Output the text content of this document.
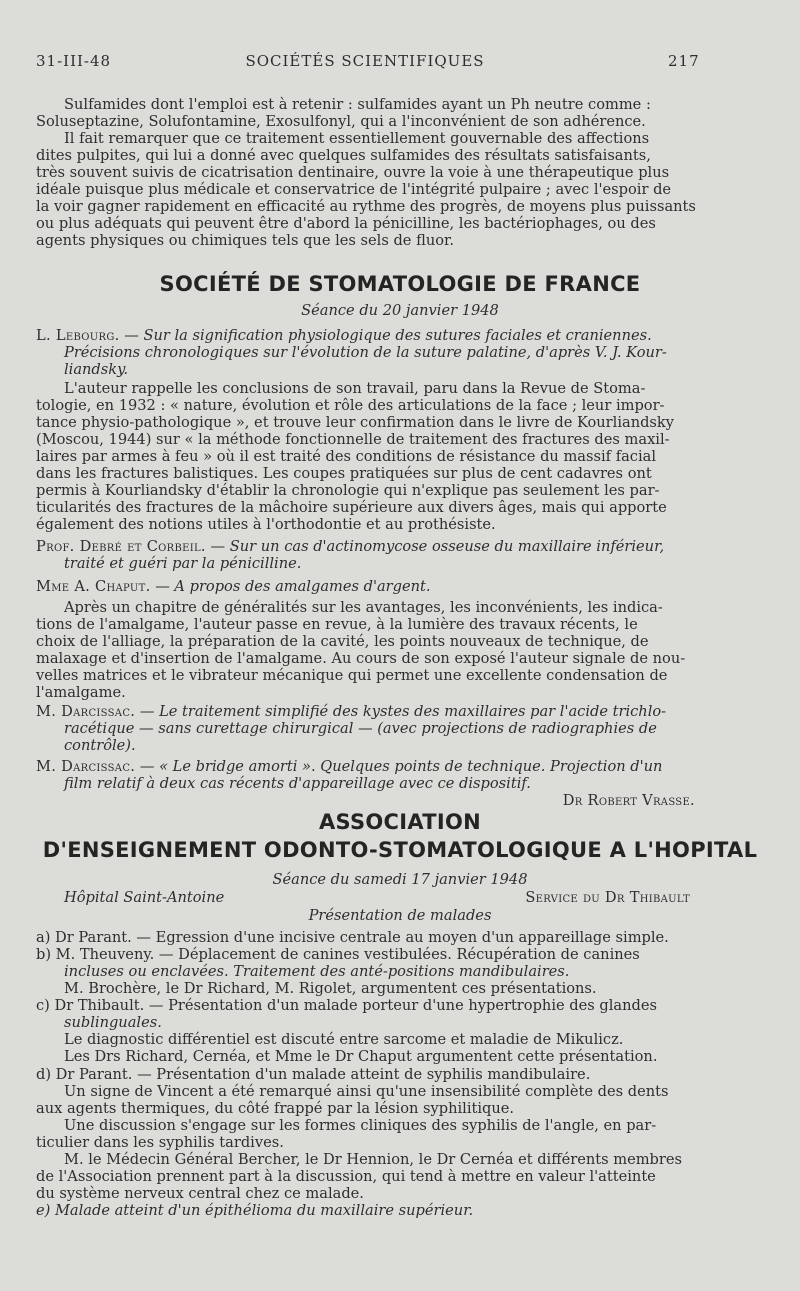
31-III-48	SOCIÉTÉS SCIENTIFIQUES	217
Sulfamides dont l'emploi est à retenir : sulfamides ayant un Ph neutre comme :
Soluseptazine, Solufontamine, Exosulfonyl, qui a l'inconvénient de son adhérence.
Il fait remarquer que ce traitement essentiellement gouvernable des affections
dites pulpites, qui lui a donné avec quelques sulfamides des résultats satisfaisants,
très souvent suivis de cicatrisation dentinaire, ouvre la voie à une thérapeutique plus
idéale puisque plus médicale et conservatrice de l'intégrité pulpaire ; avec l'espoir de
la voir gagner rapidement en efficacité au rythme des progrès, de moyens plus puissants
ou plus adéquats qui peuvent être d'abord la pénicilline, les bactériophages, ou des
agents physiques ou chimiques tels que les sels de fluor.
SOCIÉTÉ DE STOMATOLOGIE DE FRANCE
Séance du 20 janvier 1948
L. Lebourg. — Sur la signification physiologique des sutures faciales et craniennes.
Précisions chronologiques sur l'évolution de la suture palatine, d'après V. J. Kour-
liandsky.
L'auteur rappelle les conclusions de son travail, paru dans la Revue de Stoma-
tologie, en 1932 : « nature, évolution et rôle des articulations de la face ; leur impor-
tance physio-pathologique », et trouve leur confirmation dans le livre de Kourliandsky
(Moscou, 1944) sur « la méthode fonctionnelle de traitement des fractures des maxil-
laires par armes à feu » où il est traité des conditions de résistance du massif facial
dans les fractures balistiques. Les coupes pratiquées sur plus de cent cadavres ont
permis à Kourliandsky d'établir la chronologie qui n'explique pas seulement les par-
ticularités des fractures de la mâchoire supérieure aux divers âges, mais qui apporte
également des notions utiles à l'orthodontie et au prothésiste.
Prof. Debré et Corbeil. — Sur un cas d'actinomycose osseuse du maxillaire inférieur,
traité et guéri par la pénicilline.
Mme A. Chaput. — A propos des amalgames d'argent.
Après un chapitre de généralités sur les avantages, les inconvénients, les indica-
tions de l'amalgame, l'auteur passe en revue, à la lumière des travaux récents, le
choix de l'alliage, la préparation de la cavité, les points nouveaux de technique, de
malaxage et d'insertion de l'amalgame. Au cours de son exposé l'auteur signale de nou-
velles matrices et le vibrateur mécanique qui permet une excellente condensation de
l'amalgame.
M. Darcissac. — Le traitement simplifié des kystes des maxillaires par l'acide trichlo-
racétique — sans curettage chirurgical — (avec projections de radiographies de
contrôle).
M. Darcissac. — « Le bridge amorti ». Quelques points de technique. Projection d'un
film relatif à deux cas récents d'appareillage avec ce dispositif.
Dr Robert Vrasse.
ASSOCIATION
D'ENSEIGNEMENT ODONTO-STOMATOLOGIQUE A L'HOPITAL
Séance du samedi 17 janvier 1948
Hôpital Saint-Antoine	Service du Dr Thibault
Présentation de malades
a) Dr Parant. — Egression d'une incisive centrale au moyen d'un appareillage simple.
b) M. Theuveny. — Déplacement de canines vestibulées. Récupération de canines
incluses ou enclavées. Traitement des anté-positions mandibulaires.
M. Brochère, le Dr Richard, M. Rigolet, argumentent ces présentations.
c) Dr Thibault. — Présentation d'un malade porteur d'une hypertrophie des glandes
sublinguales.
Le diagnostic différentiel est discuté entre sarcome et maladie de Mikulicz.
Les Drs Richard, Cernéa, et Mme le Dr Chaput argumentent cette présentation.
d) Dr Parant. — Présentation d'un malade atteint de syphilis mandibulaire.
Un signe de Vincent a été remarqué ainsi qu'une insensibilité complète des dents
aux agents thermiques, du côté frappé par la lésion syphilitique.
Une discussion s'engage sur les formes cliniques des syphilis de l'angle, en par-
ticulier dans les syphilis tardives.
M. le Médecin Général Bercher, le Dr Hennion, le Dr Cernéa et différents membres
de l'Association prennent part à la discussion, qui tend à mettre en valeur l'atteinte
du système nerveux central chez ce malade.
e) Malade atteint d'un épithélioma du maxillaire supérieur.
